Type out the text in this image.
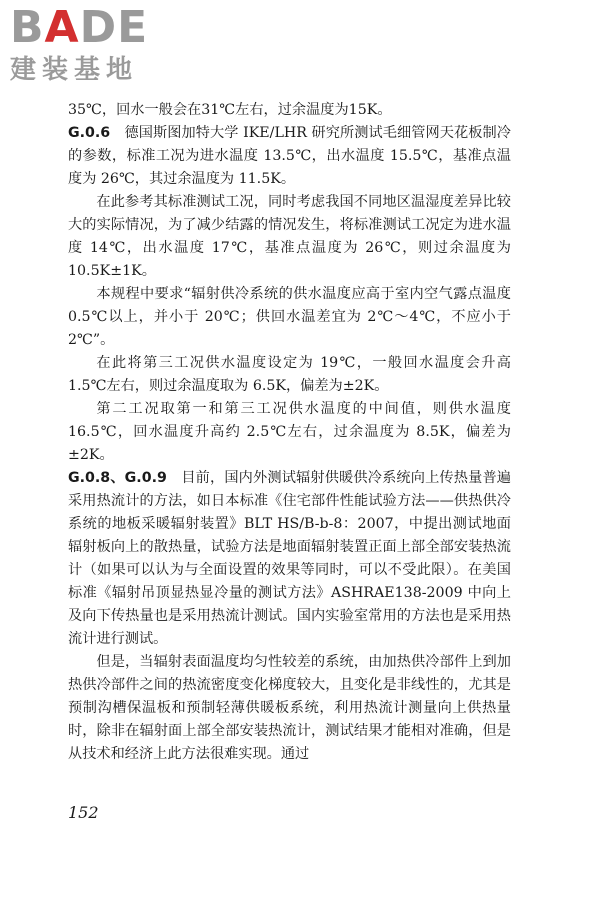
BADE
建装基地

35℃，回水一般会在31℃左右，过余温度为15K。

G.0.6　德国斯图加特大学 IKE/LHR 研究所测试毛细管网天花板制冷的参数，标准工况为进水温度 13.5℃，出水温度 15.5℃，基准点温度为 26℃，其过余温度为 11.5K。

在此参考其标准测试工况，同时考虑我国不同地区温湿度差异比较大的实际情况，为了减少结露的情况发生，将标准测试工况定为进水温度 14℃，出水温度 17℃，基准点温度为 26℃，则过余温度为 10.5K±1K。

本规程中要求“辐射供冷系统的供水温度应高于室内空气露点温度 0.5℃以上，并小于 20℃；供回水温差宜为 2℃～4℃，不应小于 2℃”。

在此将第三工况供水温度设定为 19℃，一般回水温度会升高 1.5℃左右，则过余温度取为 6.5K，偏差为±2K。

第二工况取第一和第三工况供水温度的中间值，则供水温度 16.5℃，回水温度升高约 2.5℃左右，过余温度为 8.5K，偏差为±2K。

G.0.8、G.0.9　目前，国内外测试辐射供暖供冷系统向上传热量普遍采用热流计的方法，如日本标准《住宅部件性能试验方法——供热供冷系统的地板采暖辐射装置》BLT HS/B-b-8：2007，中提出测试地面辐射板向上的散热量，试验方法是地面辐射装置正面上部全部安装热流计（如果可以认为与全面设置的效果等同时，可以不受此限）。在美国标准《辐射吊顶显热显冷量的测试方法》ASHRAE138-2009 中向上及向下传热量也是采用热流计测试。国内实验室常用的方法也是采用热流计进行测试。

但是，当辐射表面温度均匀性较差的系统，由加热供冷部件上到加热供冷部件之间的热流密度变化梯度较大，且变化是非线性的，尤其是预制沟槽保温板和预制轻薄供暖板系统，利用热流计测量向上供热量时，除非在辐射面上部全部安装热流计，测试结果才能相对准确，但是从技术和经济上此方法很难实现。通过

152
